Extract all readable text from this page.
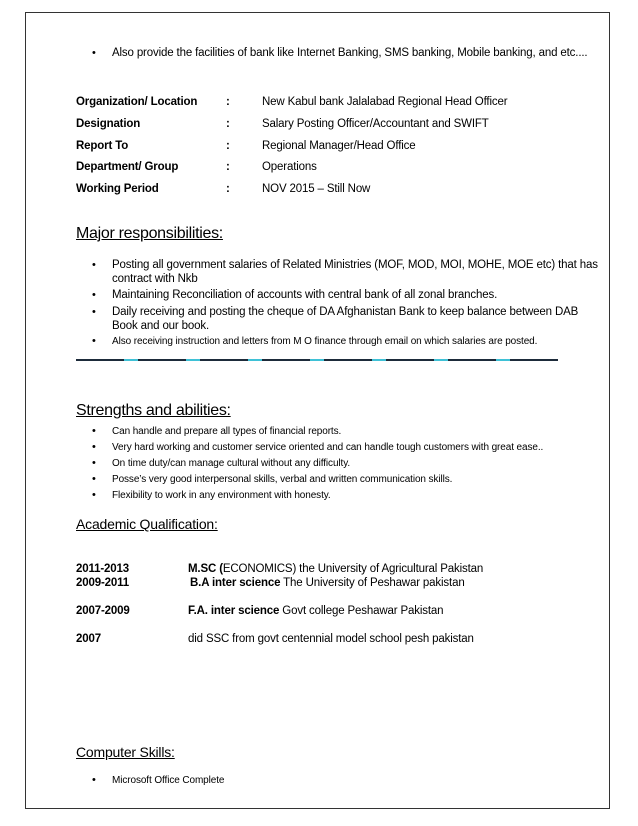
• Also provide the facilities of bank like Internet Banking, SMS banking, Mobile banking, and etc....
Organization/ Location :	New Kabul bank Jalalabad Regional Head Officer
Designation	:	Salary Posting Officer/Accountant and SWIFT
Report To	:	Regional Manager/Head Office
Department/ Group	:	Operations
Working Period	:	NOV 2015 – Still Now
Major responsibilities:
• Posting all government salaries of Related Ministries (MOF, MOD, MOI, MOHE, MOE etc) that has
contract with Nkb
• Maintaining Reconciliation of accounts with central bank of all zonal branches.
• Daily receiving and posting the cheque of DA Afghanistan Bank to keep balance between DAB
Book and our book.
• Also receiving instruction and letters from M O finance through email on which salaries are posted.
Strengths and abilities:
• Can handle and prepare all types of financial reports.
• Very hard working and customer service oriented and can handle tough customers with great ease..
• On time duty/can manage cultural without any difficulty.
• Posse’s very good interpersonal skills, verbal and written communication skills.
• Flexibility to work in any environment with honesty.
Academic Qualification:
2011-2013	M.SC (ECONOMICS) the University of Agricultural Pakistan
2009-2011	B.A inter science The University of Peshawar pakistan
2007-2009	F.A. inter science Govt college Peshawar Pakistan
2007	did SSC from govt centennial model school pesh pakistan
Computer Skills:
• Microsoft Office Complete
